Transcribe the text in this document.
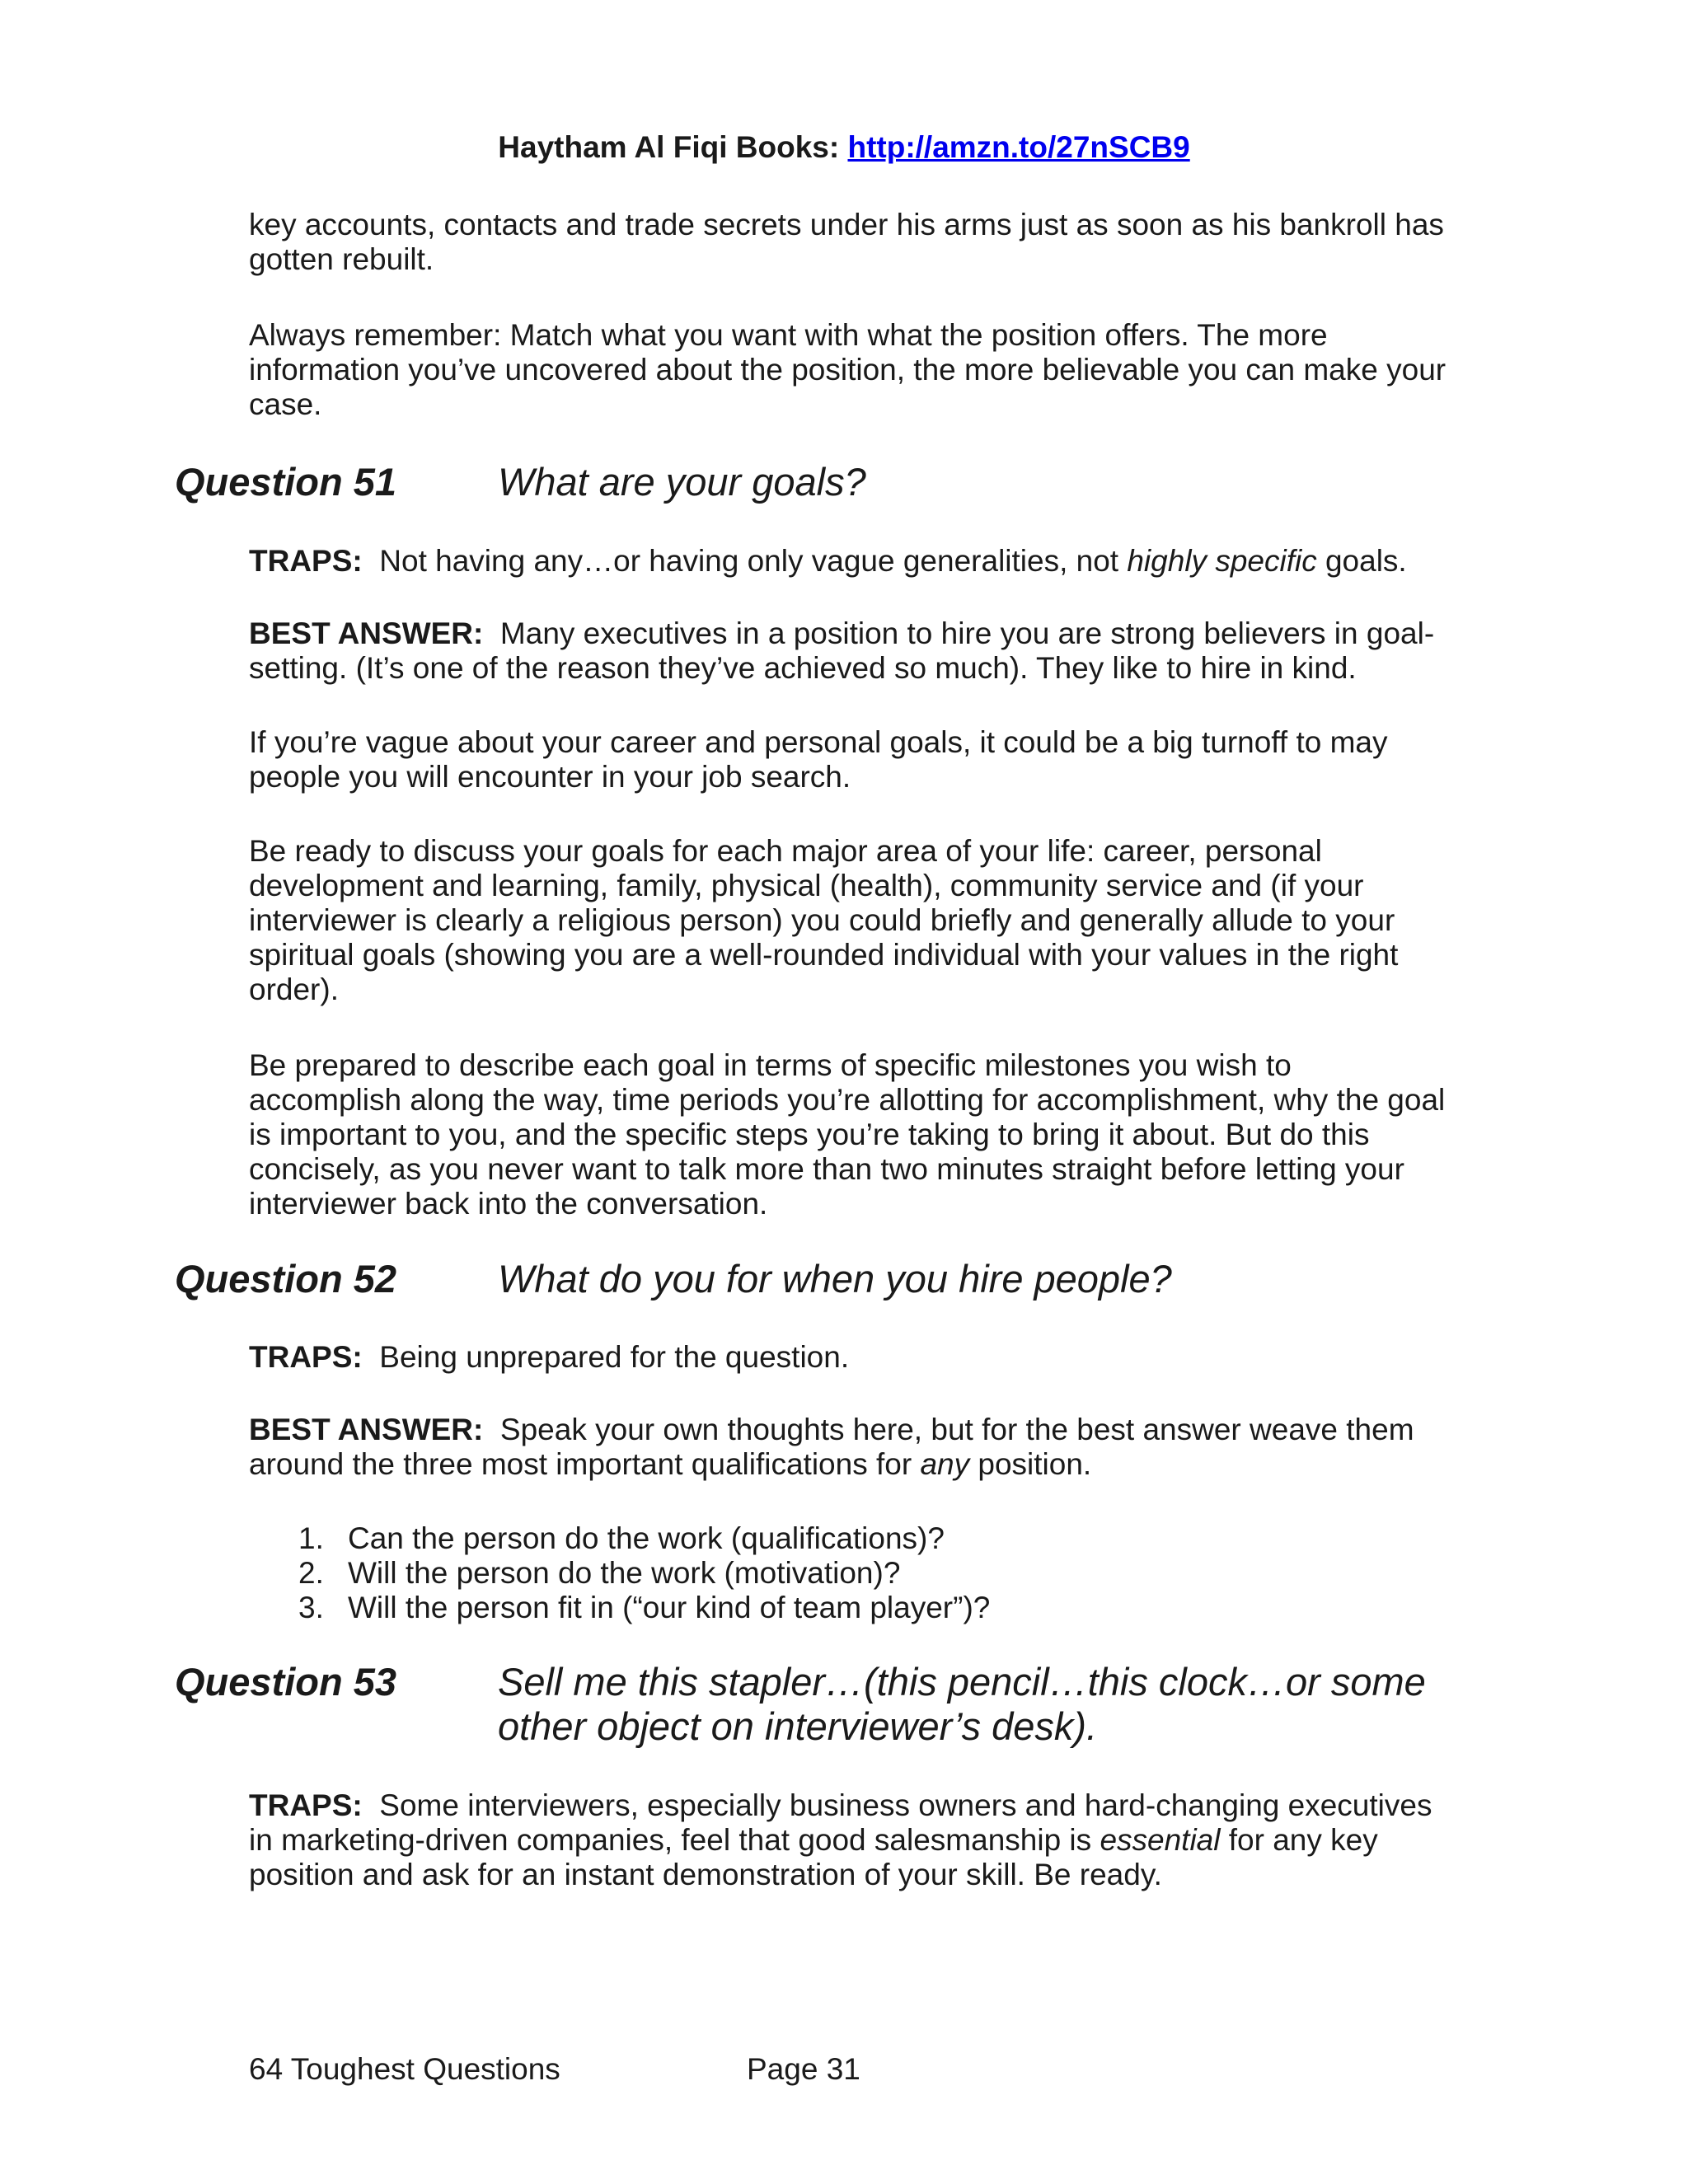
Haytham Al Fiqi Books: http://amzn.to/27nSCB9

key accounts, contacts and trade secrets under his arms just as soon as his bankroll has gotten rebuilt.

Always remember: Match what you want with what the position offers. The more information you’ve uncovered about the position, the more believable you can make your case.

Question 51	What are your goals?

TRAPS: Not having any…or having only vague generalities, not highly specific goals.

BEST ANSWER: Many executives in a position to hire you are strong believers in goal-setting. (It’s one of the reason they’ve achieved so much). They like to hire in kind.

If you’re vague about your career and personal goals, it could be a big turnoff to may people you will encounter in your job search.

Be ready to discuss your goals for each major area of your life: career, personal development and learning, family, physical (health), community service and (if your interviewer is clearly a religious person) you could briefly and generally allude to your spiritual goals (showing you are a well-rounded individual with your values in the right order).

Be prepared to describe each goal in terms of specific milestones you wish to accomplish along the way, time periods you’re allotting for accomplishment, why the goal is important to you, and the specific steps you’re taking to bring it about. But do this concisely, as you never want to talk more than two minutes straight before letting your interviewer back into the conversation.

Question 52	What do you for when you hire people?

TRAPS: Being unprepared for the question.

BEST ANSWER: Speak your own thoughts here, but for the best answer weave them around the three most important qualifications for any position.

1. Can the person do the work (qualifications)?
2. Will the person do the work (motivation)?
3. Will the person fit in (“our kind of team player”)?
Question 53	Sell me this stapler…(this pencil…this clock…or some other object on interviewer’s desk).

TRAPS: Some interviewers, especially business owners and hard-changing executives in marketing-driven companies, feel that good salesmanship is essential for any key position and ask for an instant demonstration of your skill. Be ready.

64 Toughest Questions	Page 31
